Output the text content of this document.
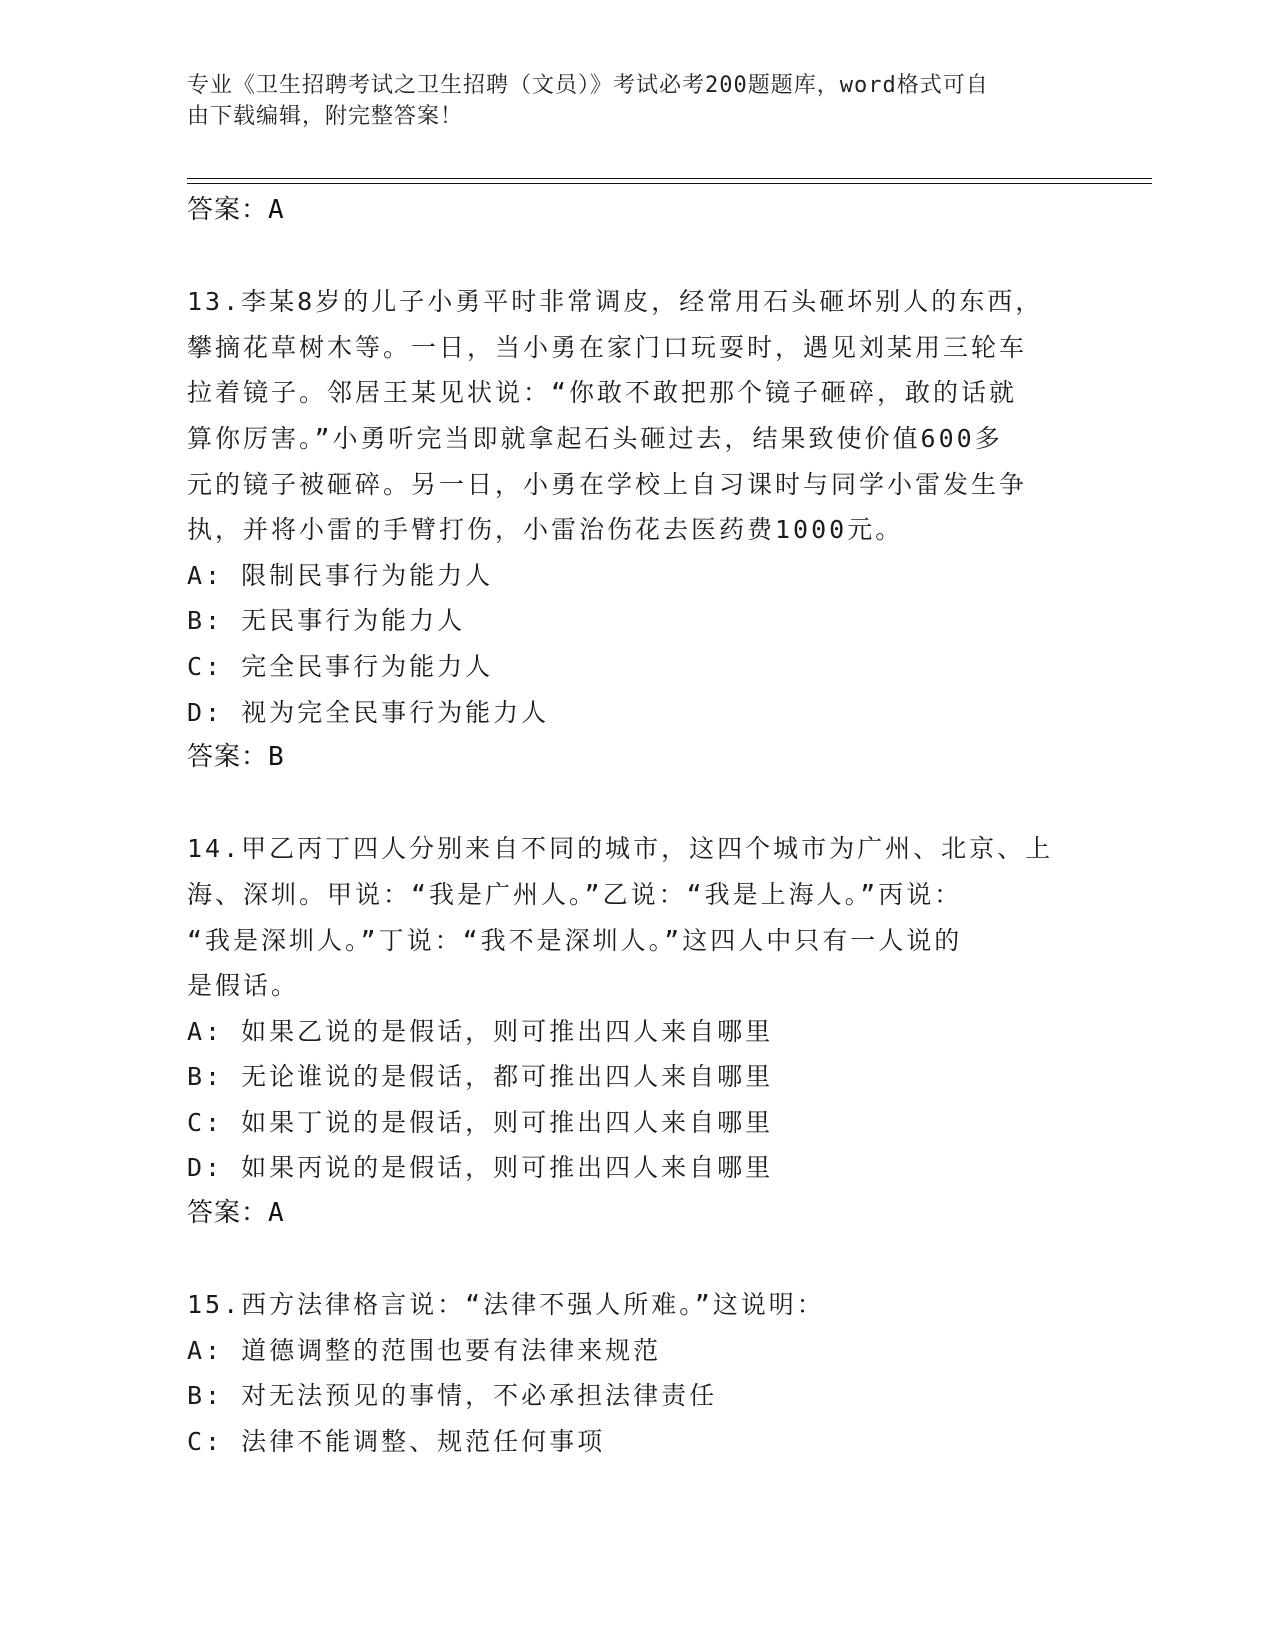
专业《卫生招聘考试之卫生招聘（文员）》考试必考200题题库，word格式可自
由下载编辑，附完整答案！
答案：A
13.李某8岁的儿子小勇平时非常调皮，经常用石头砸坏别人的东西，
攀摘花草树木等。一日，当小勇在家门口玩耍时，遇见刘某用三轮车
拉着镜子。邻居王某见状说：“你敢不敢把那个镜子砸碎，敢的话就
算你厉害。”小勇听完当即就拿起石头砸过去，结果致使价值600多
元的镜子被砸碎。另一日，小勇在学校上自习课时与同学小雷发生争
执，并将小雷的手臂打伤，小雷治伤花去医药费1000元。
A: 限制民事行为能力人
B: 无民事行为能力人
C: 完全民事行为能力人
D: 视为完全民事行为能力人
答案：B
14.甲乙丙丁四人分别来自不同的城市，这四个城市为广州、北京、上
海、深圳。甲说：“我是广州人。”乙说：“我是上海人。”丙说：
“我是深圳人。”丁说：“我不是深圳人。”这四人中只有一人说的
是假话。
A: 如果乙说的是假话，则可推出四人来自哪里
B: 无论谁说的是假话，都可推出四人来自哪里
C: 如果丁说的是假话，则可推出四人来自哪里
D: 如果丙说的是假话，则可推出四人来自哪里
答案：A
15.西方法律格言说：“法律不强人所难。”这说明：
A: 道德调整的范围也要有法律来规范
B: 对无法预见的事情，不必承担法律责任
C: 法律不能调整、规范任何事项
